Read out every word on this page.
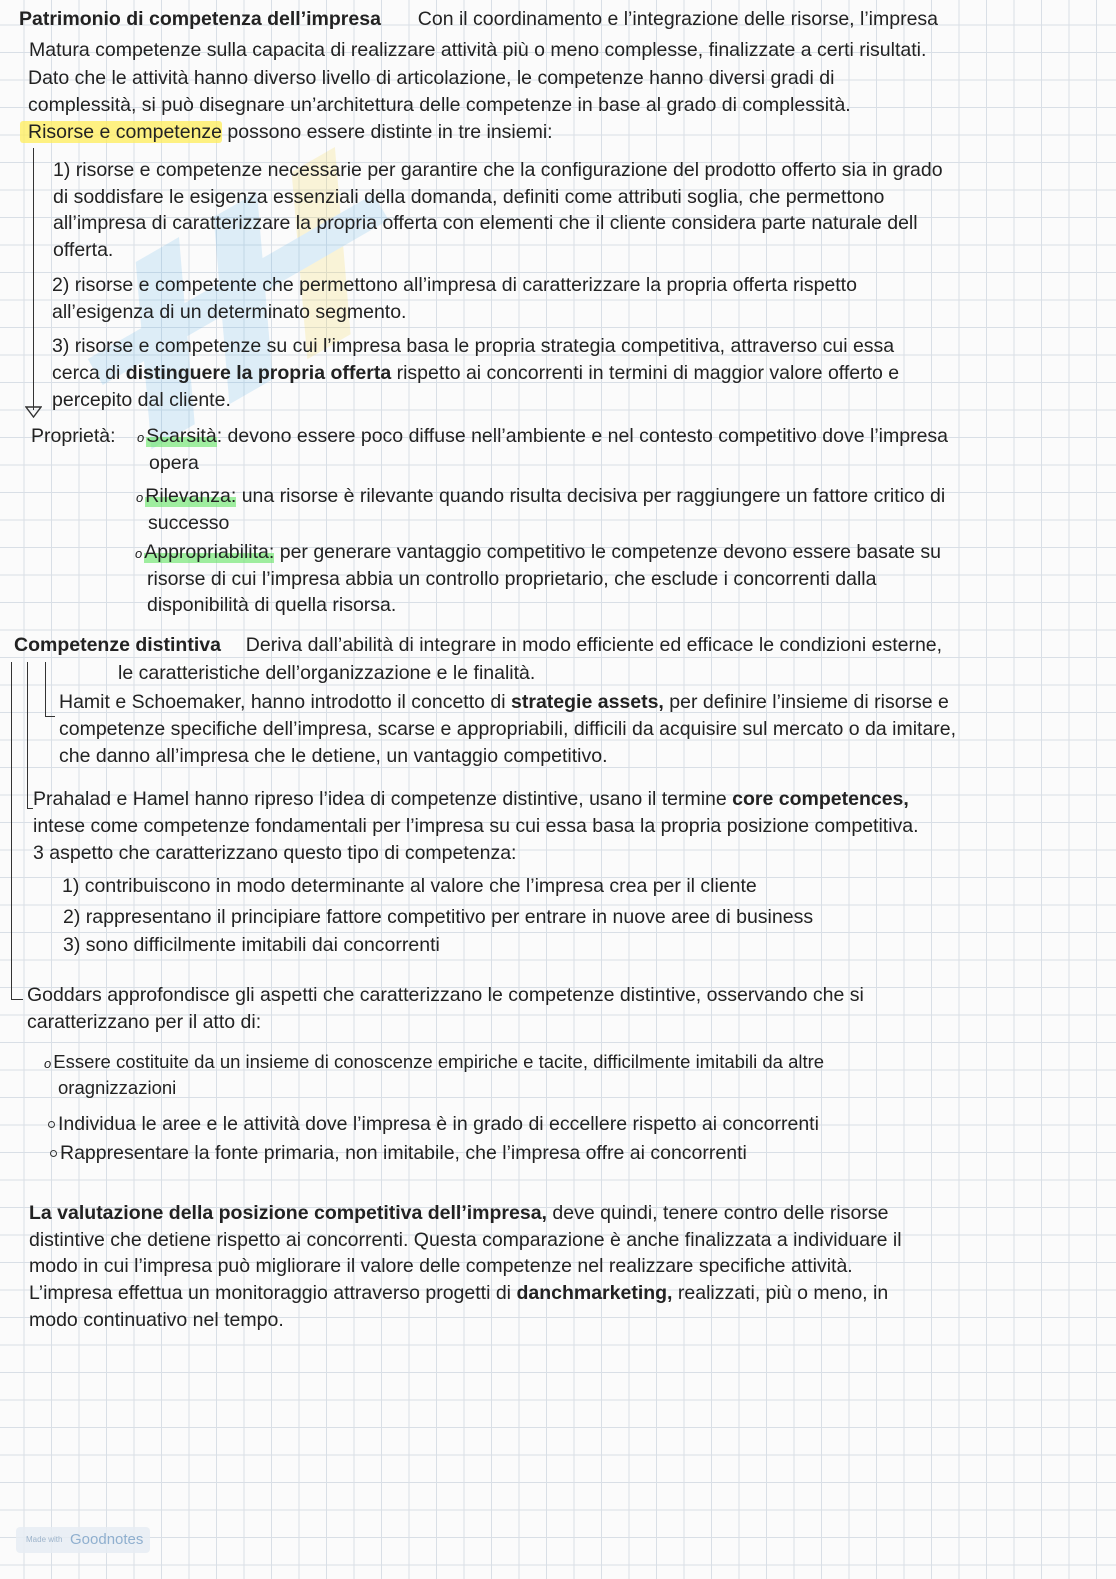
Patrimonio di competenza dell’impresa Con il coordinamento e l’integrazione delle risorse, l’impresa
Matura competenze sulla capacita di realizzare attività più o meno complesse, finalizzate a certi risultati.
Dato che le attività hanno diverso livello di articolazione, le competenze hanno diversi gradi di
complessità, si può disegnare un’architettura delle competenze in base al grado di complessità.
Risorse e competenze possono essere distinte in tre insiemi:
1) risorse e competenze necessarie per garantire che la configurazione del prodotto offerto sia in grado
di soddisfare le esigenza essenziali della domanda, definiti come attributi soglia, che permettono
all’impresa di caratterizzare la propria offerta con elementi che il cliente considera parte naturale dell
offerta.
2) risorse e competente che permettono all’impresa di caratterizzare la propria offerta rispetto
all’esigenza di un determinato segmento.
3) risorse e competenze su cui l’impresa basa le propria strategia competitiva, attraverso cui essa
cerca di distinguere la propria offerta rispetto ai concorrenti in termini di maggior valore offerto e
percepito dal cliente.
Proprietà: o Scarsità: devono essere poco diffuse nell’ambiente e nel contesto competitivo dove l’impresa
opera
o Rilevanza: una risorse è rilevante quando risulta decisiva per raggiungere un fattore critico di
successo
o Appropriabilita: per generare vantaggio competitivo le competenze devono essere basate su
risorse di cui l’impresa abbia un controllo proprietario, che esclude i concorrenti dalla
disponibilità di quella risorsa.
Competenze distintiva Deriva dall’abilità di integrare in modo efficiente ed efficace le condizioni esterne,
le caratteristiche dell’organizzazione e le finalità.
Hamit e Schoemaker, hanno introdotto il concetto di strategie assets, per definire l’insieme di risorse e
competenze specifiche dell’impresa, scarse e appropriabili, difficili da acquisire sul mercato o da imitare,
che danno all’impresa che le detiene, un vantaggio competitivo.
Prahalad e Hamel hanno ripreso l’idea di competenze distintive, usano il termine core competences,
intese come competenze fondamentali per l’impresa su cui essa basa la propria posizione competitiva.
3 aspetto che caratterizzano questo tipo di competenza:
1) contribuiscono in modo determinante al valore che l’impresa crea per il cliente
2) rappresentano il principiare fattore competitivo per entrare in nuove aree di business
3) sono difficilmente imitabili dai concorrenti
Goddars approfondisce gli aspetti che caratterizzano le competenze distintive, osservando che si
caratterizzano per il atto di:
o Essere costituite da un insieme di conoscenze empiriche e tacite, difficilmente imitabili da altre
oragnizzazioni
Individua le aree e le attività dove l’impresa è in grado di eccellere rispetto ai concorrenti
Rappresentare la fonte primaria, non imitabile, che l’impresa offre ai concorrenti
La valutazione della posizione competitiva dell’impresa, deve quindi, tenere contro delle risorse
distintive che detiene rispetto ai concorrenti. Questa comparazione è anche finalizzata a individuare il
modo in cui l’impresa può migliorare il valore delle competenze nel realizzare specifiche attività.
L’impresa effettua un monitoraggio attraverso progetti di danchmarketing, realizzati, più o meno, in
modo continuativo nel tempo.
Made with Goodnotes
